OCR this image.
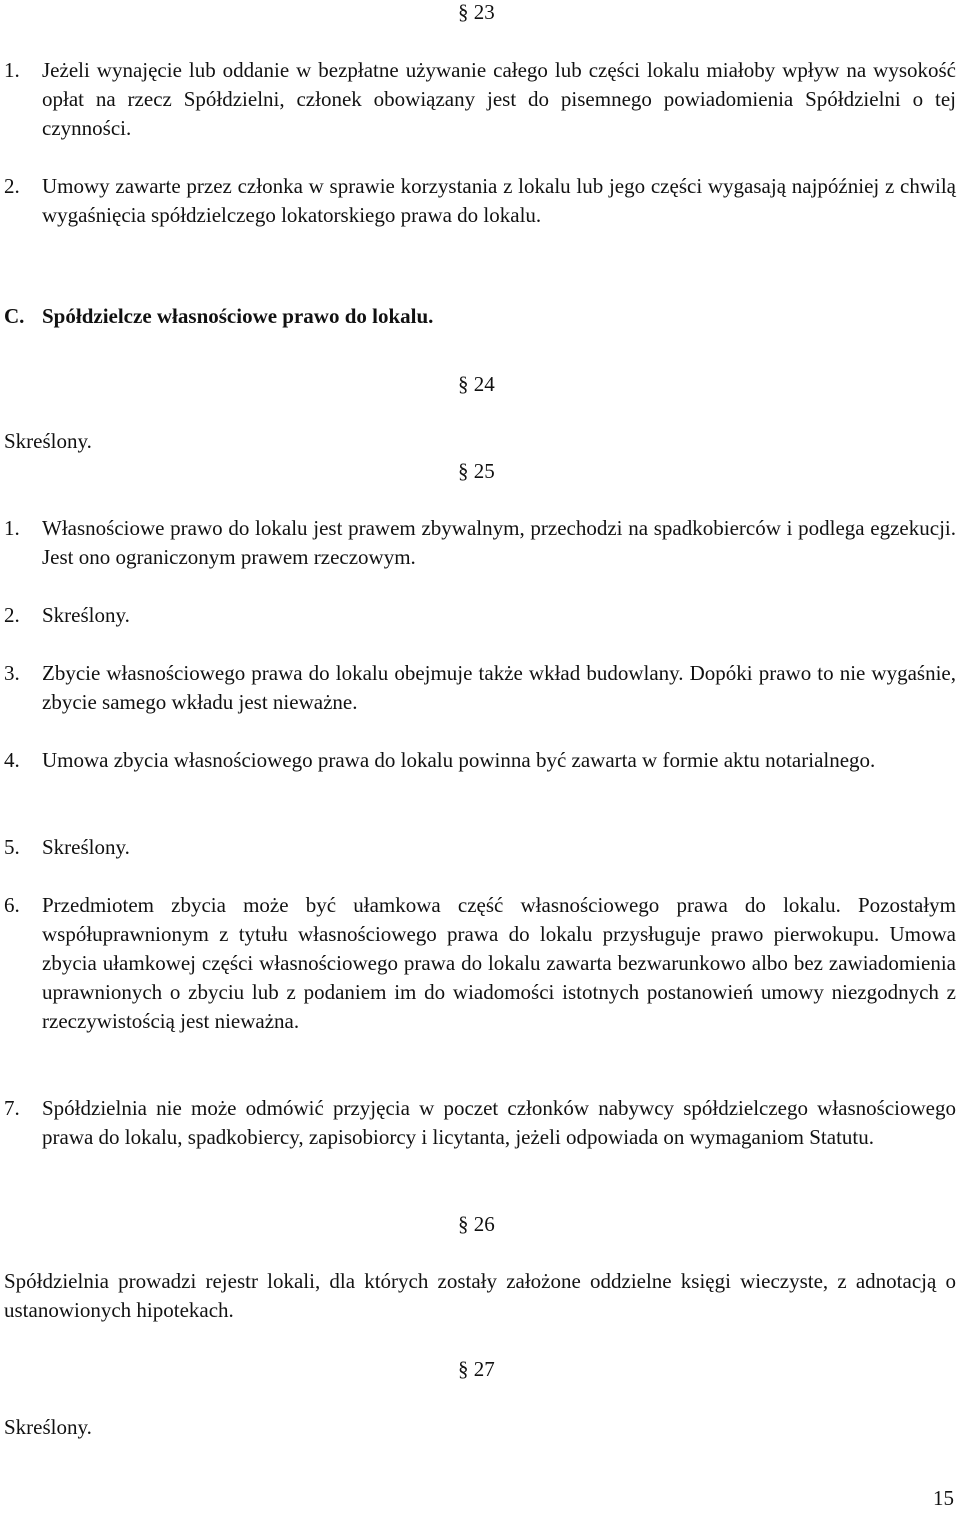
§ 23
1. Jeżeli wynajęcie lub oddanie w bezpłatne używanie całego lub części lokalu miałoby wpływ na wysokość opłat na rzecz Spółdzielni, członek obowiązany jest do pisemnego powiadomienia Spółdzielni o tej czynności.
2. Umowy zawarte przez członka w sprawie korzystania z lokalu lub jego części wygasają najpóźniej z chwilą wygaśnięcia spółdzielczego lokatorskiego prawa do lokalu.
C. Spółdzielcze własnościowe prawo do lokalu.
§ 24
Skreślony.
§ 25
1. Własnościowe prawo do lokalu jest prawem zbywalnym, przechodzi na spadkobierców i podlega egzekucji. Jest ono ograniczonym prawem rzeczowym.
2. Skreślony.
3. Zbycie własnościowego prawa do lokalu obejmuje także wkład budowlany. Dopóki prawo to nie wygaśnie, zbycie samego wkładu jest nieważne.
4. Umowa zbycia własnościowego prawa do lokalu powinna być zawarta w formie aktu notarialnego.
5. Skreślony.
6. Przedmiotem zbycia może być ułamkowa część własnościowego prawa do lokalu. Pozostałym współuprawnionym z tytułu własnościowego prawa do lokalu przysługuje prawo pierwokupu. Umowa zbycia ułamkowej części własnościowego prawa do lokalu zawarta bezwarunkowo albo bez zawiadomienia uprawnionych o zbyciu lub z podaniem im do wiadomości istotnych postanowień umowy niezgodnych z rzeczywistością jest nieważna.
7. Spółdzielnia nie może odmówić przyjęcia w poczet członków nabywcy spółdzielczego własnościowego prawa do lokalu, spadkobiercy, zapisobiorcy i licytanta, jeżeli odpowiada on wymaganiom Statutu.
§ 26
Spółdzielnia prowadzi rejestr lokali, dla których zostały założone oddzielne księgi wieczyste, z adnotacją o ustanowionych hipotekach.
§ 27
Skreślony.
15
